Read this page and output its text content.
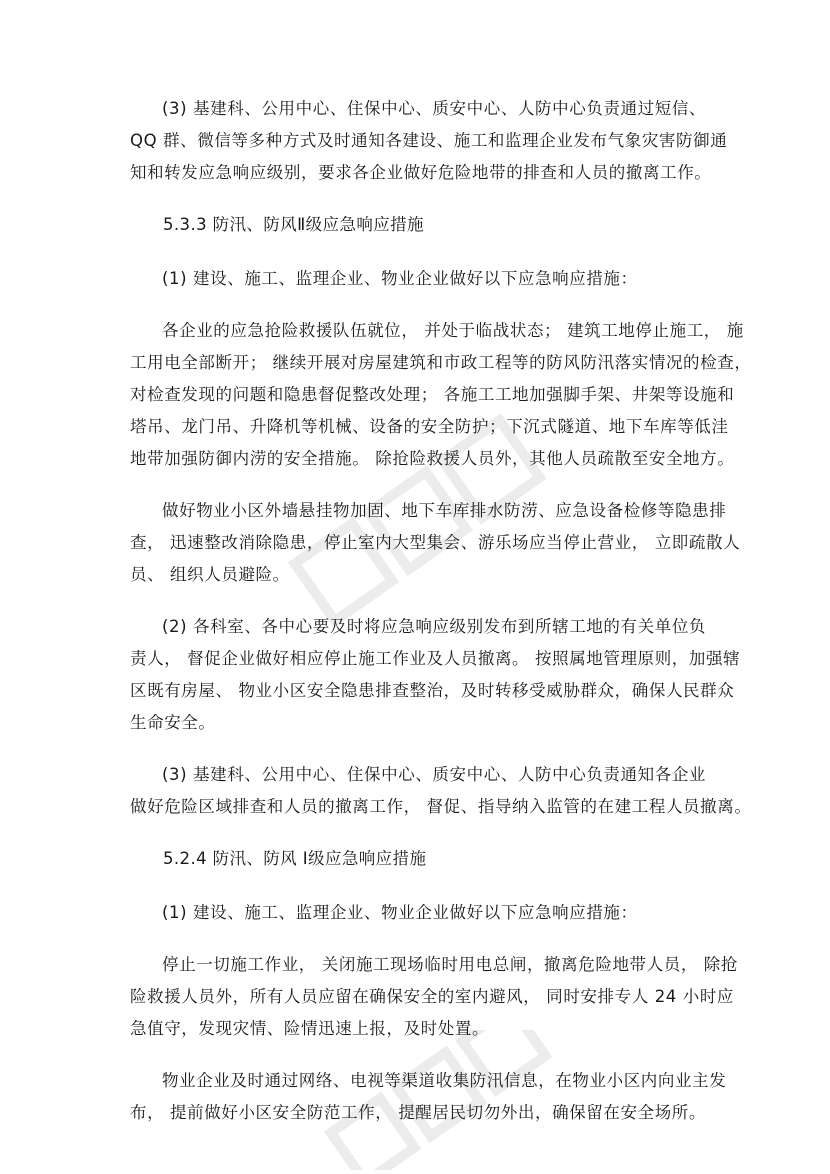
(3) 基建科、公用中心、住保中心、质安中心、人防中心负责通过短信、
QQ 群、微信等多种方式及时通知各建设、施工和监理企业发布气象灾害防御通
知和转发应急响应级别，要求各企业做好危险地带的排查和人员的撤离工作。

5.3.3 防汛、防风Ⅱ级应急响应措施

(1) 建设、施工、监理企业、物业企业做好以下应急响应措施：

各企业的应急抢险救援队伍就位， 并处于临战状态； 建筑工地停止施工， 施
工用电全部断开； 继续开展对房屋建筑和市政工程等的防风防汛落实情况的检查，
对检查发现的问题和隐患督促整改处理； 各施工工地加强脚手架、井架等设施和
塔吊、龙门吊、升降机等机械、设备的安全防护；下沉式隧道、地下车库等低洼
地带加强防御内涝的安全措施。 除抢险救援人员外，其他人员疏散至安全地方。

做好物业小区外墙悬挂物加固、地下车库排水防涝、应急设备检修等隐患排
查， 迅速整改消除隐患，停止室内大型集会、游乐场应当停止营业， 立即疏散人
员、 组织人员避险。

(2) 各科室、各中心要及时将应急响应级别发布到所辖工地的有关单位负
责人， 督促企业做好相应停止施工作业及人员撤离。 按照属地管理原则，加强辖
区既有房屋、 物业小区安全隐患排查整治，及时转移受威胁群众，确保人民群众
生命安全。

(3) 基建科、公用中心、住保中心、质安中心、人防中心负责通知各企业
做好危险区域排查和人员的撤离工作， 督促、指导纳入监管的在建工程人员撤离。

5.2.4 防汛、防风 Ⅰ级应急响应措施

(1) 建设、施工、监理企业、物业企业做好以下应急响应措施：

停止一切施工作业， 关闭施工现场临时用电总闸，撤离危险地带人员， 除抢
险救援人员外，所有人员应留在确保安全的室内避风， 同时安排专人 24 小时应
急值守，发现灾情、险情迅速上报，及时处置。

物业企业及时通过网络、电视等渠道收集防汛信息，在物业小区内向业主发
布， 提前做好小区安全防范工作， 提醒居民切勿外出，确保留在安全场所。
